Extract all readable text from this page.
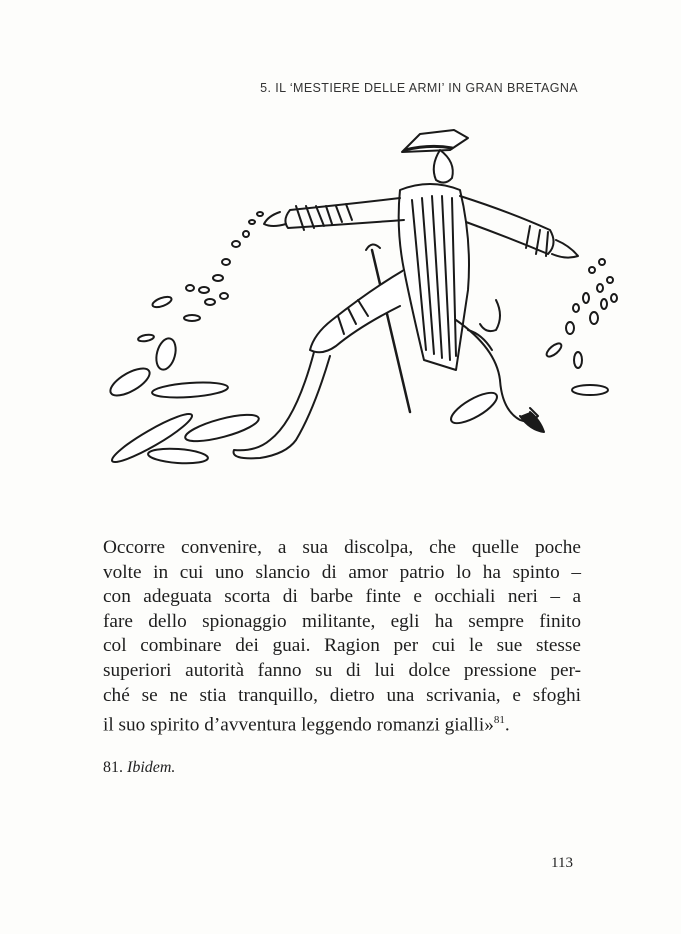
5. IL ‘MESTIERE DELLE ARMI’ IN GRAN BRETAGNA

Occorre convenire, a sua discolpa, che quelle poche
volte in cui uno slancio di amor patrio lo ha spinto –
con adeguata scorta di barbe finte e occhiali neri – a
fare dello spionaggio militante, egli ha sempre finito
col combinare dei guai. Ragion per cui le sue stesse
superiori autorità fanno su di lui dolce pressione per-
ché se ne stia tranquillo, dietro una scrivania, e sfoghi
il suo spirito d’avventura leggendo romanzi gialli»$^{81}$.

81. Ibidem.
113
